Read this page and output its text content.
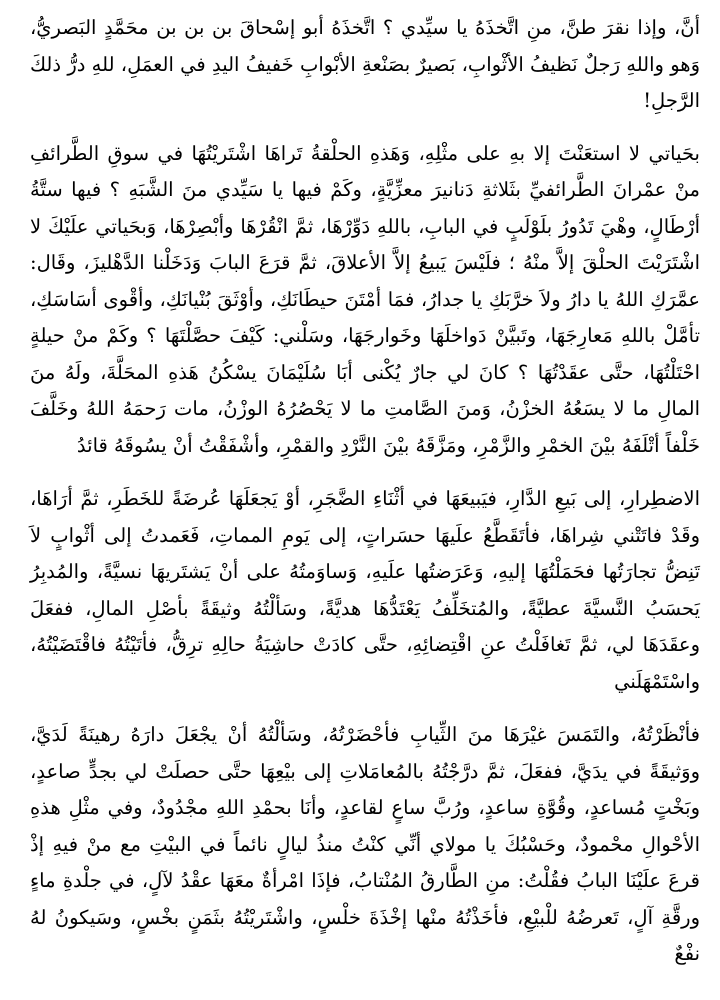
أنَّ، وإذا نقرَ طنَّ، منِ اتَّخذَهُ يا سيِّدي ؟ اتَّخذَهُ أبو إسْحاقَ بن بن بن محَمَّدٍ البَصريُّ، وَهو واللهِ رَجلٌ نَظيفُ الأثْوابِ، بَصيرٌ بصَنْعةِ الأبْوابِ خَفيفُ اليدِ في العمَلِ، للهِ درُّ ذلكَ الرَّجلِ!

بحَياتي لا استعَنْتَ إلا بهِ على مثْلِهِ، وَهَذهِ الحلْقةُ تَراهَا اشْتَريْتُهَا في سوقِ الطَّرائفِ منْ عمْرانَ الطَّرائفيِّ بثَلاثةِ دَنانيرَ معزِّيَّةٍ، وكَمْ فيها يا سَيِّدي منَ الشَّبَهِ ؟ فيها ستَّةُ أرْطَالٍ، وهْيَ تَدُورُ بلَوْلَبٍ في البابِ، باللهِ دَوِّرْهَا، ثمَّ انْقُرْهَا وأبْصِرْهَا، وَبحَياتي علَيْكَ لا اشْتَرَيْتَ الحلْقَ إلاَّ منْهُ ؛ فلَيْسَ يَبيعُ إلاَّ الأعلاقَ، ثمَّ قرَعَ البابَ وَدَخَلْنا الدَّهْليزَ، وقَال: عمَّرَكِ اللهُ يا دارُ ولاَ خرَّبَكِ يا جدارُ، فمَا أمْتَنَ حيطَانَكِ، وأوْثَقَ بُنْيانَكِ، وأقْوى أسَاسَكِ، تأمَّلْ باللهِ مَعارِجَهَا، وتَبيَّنْ دَواخلَهَا وخَوارجَهَا، وسَلْني: كَيْفَ حصَّلْتَهَا ؟ وكَمْ منْ حيلةٍ احْتَلْتُهَا، حتَّى عقَدْتُهَا ؟ كانَ لي جارٌ يُكْنى أبَا سُلَيْمَانَ يسْكُنُ هَذهِ المحَلَّةَ، ولَهُ منَ المالِ ما لا يسَعُهُ الخزْنُ، وَمنَ الصَّامتِ ما لا يَحْصُرُهُ الوزْنُ، مات رَحمَهُ اللهُ وخَلَّفَ خَلْفاً أتْلَفَهُ بيْنَ الخمْرِ والزَّمْرِ، ومَزَّقَهُ بيْنَ النَّرْدِ والقمْرِ، وأشْفَقْتُ أنْ يسُوقَهُ قائدُ

الاضطِرارِ، إلى بَيعِ الدَّارِ، فيَبيعَهَا في أثْنَاءِ الضَّجَرِ، أوْ يَجعَلَهَا عُرضَةً للخَطَرِ، ثمَّ أرَاهَا، وقَدْ فاتَتْني شِراهَا، فأتَقَطَّعُ علَيهَا حسَراتٍ، إلى يَومِ المماتِ، فَعَمدتُ إلى أثْوابٍ لاَ تَنِضُّ تجارَتُها فحَمَلْتُهَا إليهِ، وَعَرَضتُها علَيهِ، وَساوَمتُهُ على أنْ يَشتَريهَا نسيَّةً، والمُدبِرُ يَحسَبُ النَّسيَّةَ عطيَّةً، والمُتخَلِّفُ يَعْتَدُّهَا هديَّةً، وسَألْتُهُ وثيقَةً بأصْلِ المالِ، ففعَلَ وعقَدَهَا لي، ثمَّ تَغافَلْتُ عنِ اقْتِضائِهِ، حتَّى كادَتْ حاشِيَةُ حالِهِ ترِقُّ، فأتَيْتُهُ فاقْتَضَيْتُهُ، واسْتَمْهَلَني

فأنْظَرْتُهُ، والتَمَسَ غيْرَهَا منَ الثِّيابِ فأحْضَرْتُهُ، وسَألْتُهُ أنْ يجْعَلَ دارَهُ رهينَةً لَدَيَّ، ووَثيقَةً في يدَيَّ، ففعَلَ، ثمَّ درَّجْتُهُ بالمُعامَلاتِ إلى بيْعِهَا حتَّى حصلَتْ لي بجدٍّ صاعدٍ، وبَخْتٍ مُساعدٍ، وقُوَّةِ ساعدٍ، ورُبَّ ساعٍ لقاعدٍ، وأنَا بحمْدِ اللهِ مجْدُودٌ، وفي مثْلِ هذهِ الأحْوالِ محْمودٌ، وحَسْبُكَ يا مولاي أنِّي كنْتُ منذُ ليالٍ نائماً في البيْتِ مع منْ فيهِ إذْ قرعَ علَيْنَا البابُ فقُلْتُ: منِ الطَّارقُ المُنْتابُ، فإذَا امْرأةٌ معَهَا عقْدُ لآلٍ، في جلْدةِ ماءٍ ورقَّةِ آلٍ، تَعرضُهُ للْبيْعِ، فأخَذْتُهُ منْها إخْذَةَ خلْسٍ، واشْتَريْتُهُ بثَمَنٍ بخْسٍ، وسَيكونُ لهُ نفْعٌ
